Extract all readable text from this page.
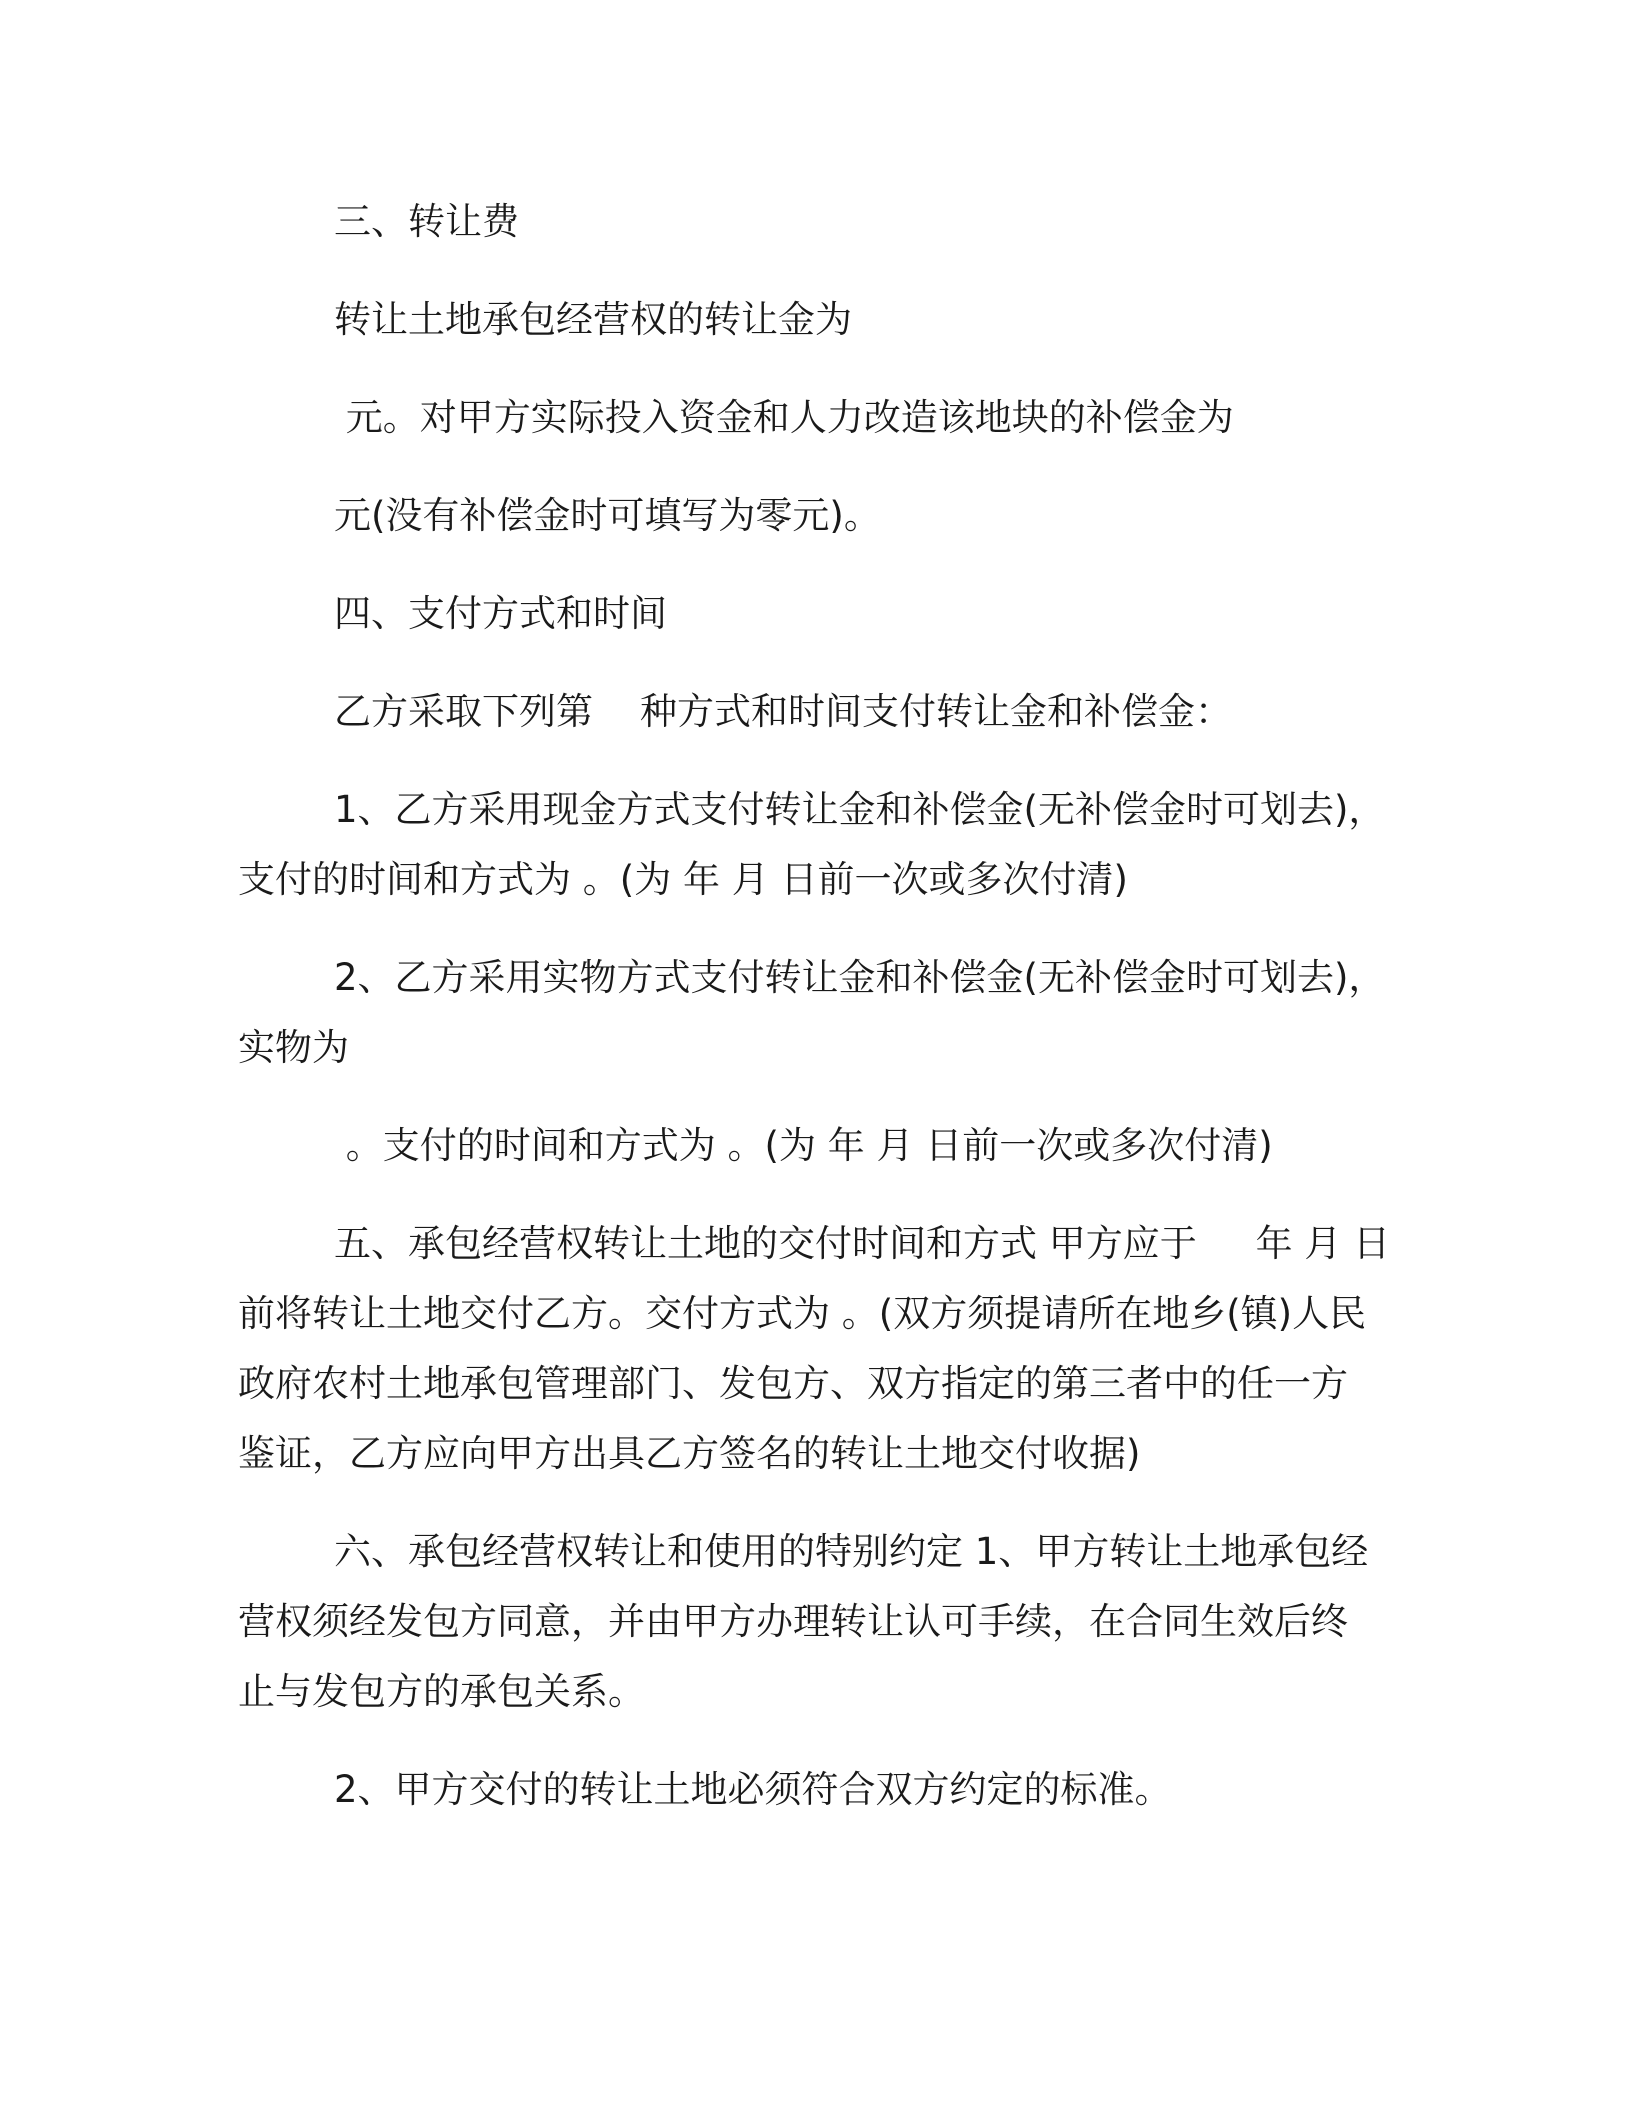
三、转让费
转让土地承包经营权的转让金为
元。对甲方实际投入资金和人力改造该地块的补偿金为
元(没有补偿金时可填写为零元)。
四、支付方式和时间
乙方采取下列第    种方式和时间支付转让金和补偿金：
1、乙方采用现金方式支付转让金和补偿金(无补偿金时可划去)，
支付的时间和方式为 。(为 年 月 日前一次或多次付清)
2、乙方采用实物方式支付转让金和补偿金(无补偿金时可划去)，
实物为
。支付的时间和方式为 。(为 年 月 日前一次或多次付清)
五、承包经营权转让土地的交付时间和方式 甲方应于     年 月 日
前将转让土地交付乙方。交付方式为 。(双方须提请所在地乡(镇)人民
政府农村土地承包管理部门、发包方、双方指定的第三者中的任一方
鉴证，乙方应向甲方出具乙方签名的转让土地交付收据)
六、承包经营权转让和使用的特别约定 1、甲方转让土地承包经
营权须经发包方同意，并由甲方办理转让认可手续，在合同生效后终
止与发包方的承包关系。
2、甲方交付的转让土地必须符合双方约定的标准。
